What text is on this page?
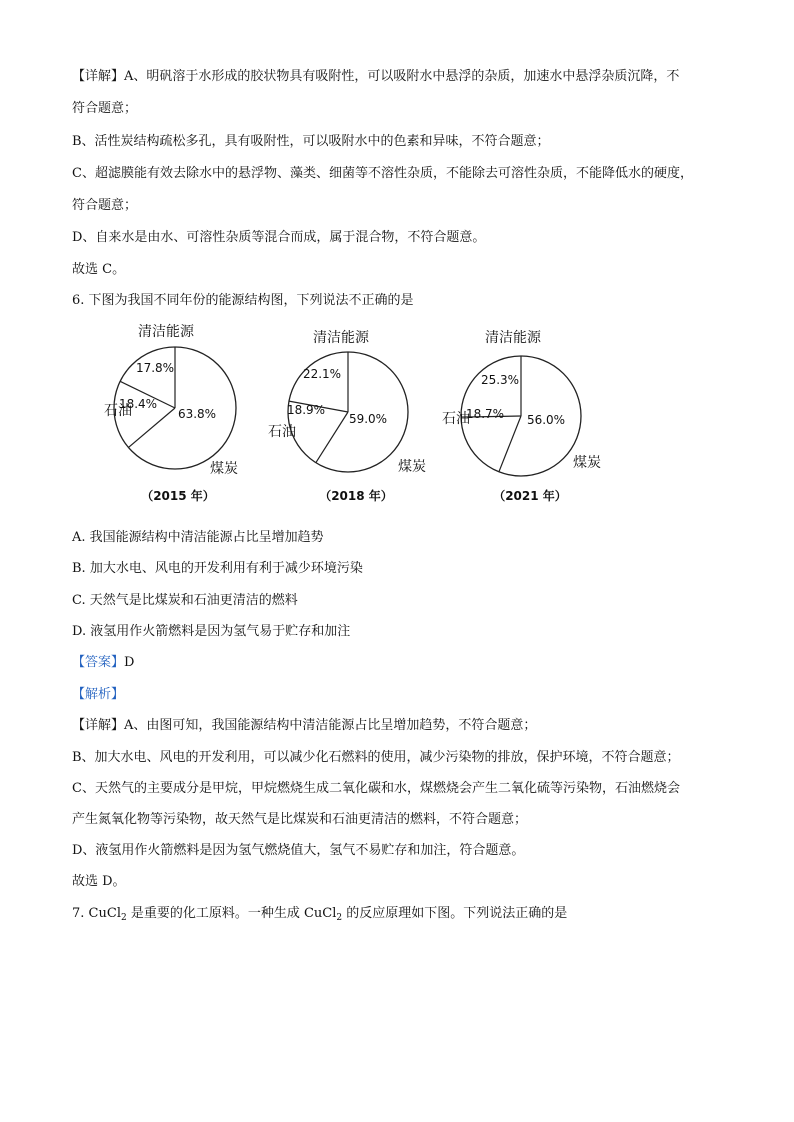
【详解】A、明矾溶于水形成的胶状物具有吸附性，可以吸附水中悬浮的杂质，加速水中悬浮杂质沉降，不
符合题意；
B、活性炭结构疏松多孔，具有吸附性，可以吸附水中的色素和异味，不符合题意；
C、超滤膜能有效去除水中的悬浮物、藻类、细菌等不溶性杂质，不能除去可溶性杂质，不能降低水的硬度，
符合题意；
D、自来水是由水、可溶性杂质等混合而成，属于混合物，不符合题意。
故选 C。
6. 下图为我国不同年份的能源结构图，下列说法不正确的是
清洁能源
石油
煤炭
17.8%
18.4%
63.8%
（2015 年）
清洁能源
石油
煤炭
22.1%
18.9%
59.0%
（2018 年）
清洁能源
石油
煤炭
25.3%
18.7% 56.0%
（2021 年）
A. 我国能源结构中清洁能源占比呈增加趋势
B. 加大水电、风电的开发利用有利于减少环境污染
C. 天然气是比煤炭和石油更清洁的燃料
D. 液氢用作火箭燃料是因为氢气易于贮存和加注
【答案】D
【解析】
【详解】A、由图可知，我国能源结构中清洁能源占比呈增加趋势，不符合题意；
B、加大水电、风电的开发利用，可以减少化石燃料的使用，减少污染物的排放，保护环境，不符合题意；
C、天然气的主要成分是甲烷，甲烷燃烧生成二氧化碳和水，煤燃烧会产生二氧化硫等污染物，石油燃烧会
产生氮氧化物等污染物，故天然气是比煤炭和石油更清洁的燃料，不符合题意；
D、液氢用作火箭燃料是因为氢气燃烧值大，氢气不易贮存和加注，符合题意。
故选 D。
7. CuCl$_2$ 是重要的化工原料。一种生成 CuCl$_2$ 的反应原理如下图。下列说法正确的是
